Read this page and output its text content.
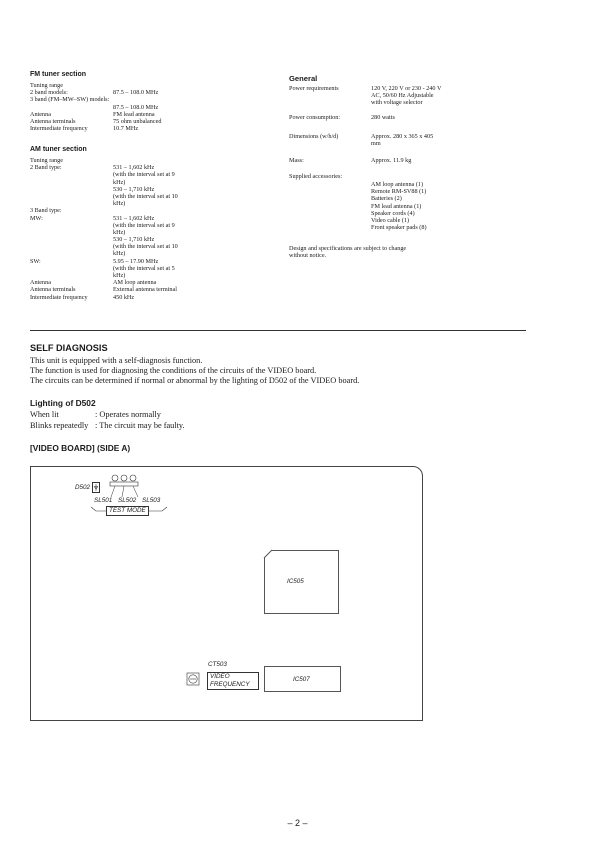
FM tuner section
Tuning range
2 band models:	87.5 – 108.0 MHz
3 band (FM–MW–SW) models:
87.5 – 108.0 MHz
Antenna	FM lead antenna
Antenna terminals	75 ohm unbalanced
Intermediate frequency	10.7 MHz
AM tuner section
Tuning range
2 Band type:	531 – 1,602 kHz
(with the interval set at 9
kHz)
530 – 1,710 kHz
(with the interval set at 10
kHz)
3 Band type:
MW:	531 – 1,602 kHz
(with the interval set at 9
kHz)
530 – 1,710 kHz
(with the interval set at 10
kHz)
SW:	5.95 – 17.90 MHz
(with the interval set at 5
kHz)
Antenna	AM loop antenna
Antenna terminals	External antenna terminal
Intermediate frequency	450 kHz
General
Power requirements	120 V, 220 V or 230 - 240 V
AC, 50/60 Hz Adjustable
with voltage selector
Power consumption:	280 watts
Dimensions (w/h/d)	Approx. 280 x 365 x 405
mm
Mass:	Approx. 11.9 kg
Supplied accessories:
AM loop antenna (1)
Remote RM-SV88 (1)
Batteries (2)
FM lead antenna (1)
Speaker cords (4)
Video cable (1)
Front speaker pads (8)
Design and specifications are subject to change
without notice.
SELF DIAGNOSIS
This unit is equipped with a self-diagnosis function.
The function is used for diagnosing the conditions of the circuits of the VIDEO board.
The circuits can be determined if normal or abnormal by the lighting of D502 of the VIDEO board.
Lighting of D502
When lit	: Operates normally
Blinks repeatedly : The circuit may be faulty.
[VIDEO BOARD] (SIDE A)
D502
SL501 SL502 SL503
TEST MODE
IC505
CT503
VIDEO
FREQUENCY
IC507
– 2 –
